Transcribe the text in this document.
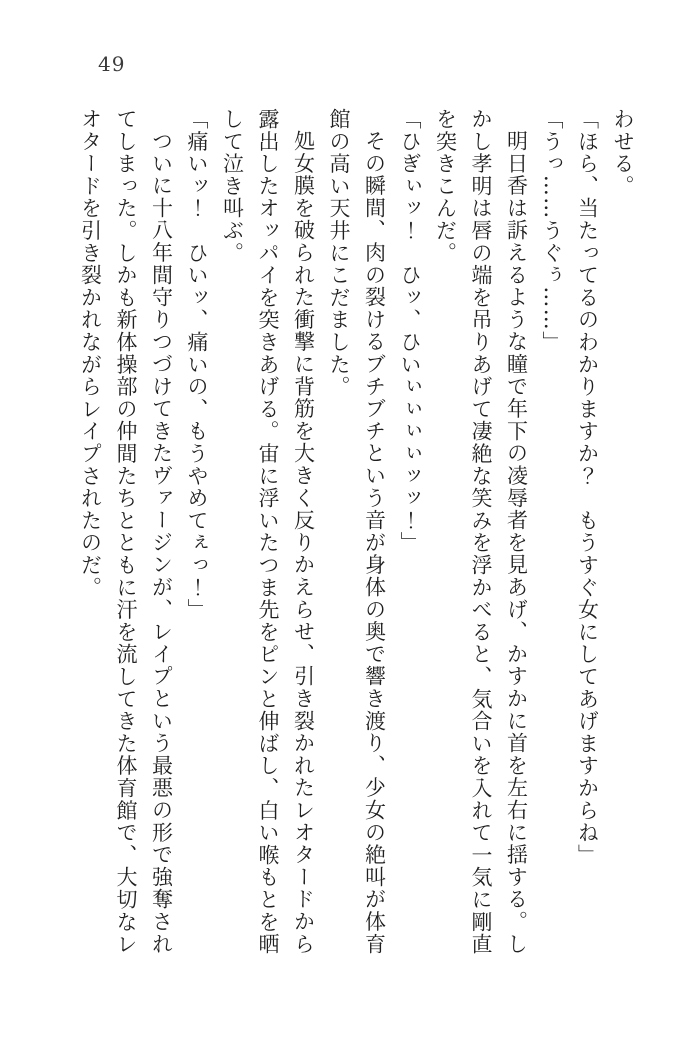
49
わせる。
「ほら、当たってるのわかりますか？　もうすぐ女にしてあげますからね」
「うっ……うぐぅ……」
明日香は訴えるような瞳で年下の凌辱者を見あげ、かすかに首を左右に揺する。し
かし孝明は唇の端を吊りあげて凄絶な笑みを浮かべると、気合いを入れて一気に剛直
を突きこんだ。
「ひぎぃッ！　ひッ、ひいぃぃぃぃッッ！」
その瞬間、肉の裂けるブチブチという音が身体の奥で響き渡り、少女の絶叫が体育
館の高い天井にこだました。
処女膜を破られた衝撃に背筋を大きく反りかえらせ、引き裂かれたレオタードから
露出したオッパイを突きあげる。宙に浮いたつま先をピンと伸ばし、白い喉もとを晒
して泣き叫ぶ。
「痛いッ！　ひいッ、痛いの、もうやめてぇっ！」
ついに十八年間守りつづけてきたヴァージンが、レイプという最悪の形で強奪され
てしまった。しかも新体操部の仲間たちとともに汗を流してきた体育館で、大切なレ
オタードを引き裂かれながらレイプされたのだ。
